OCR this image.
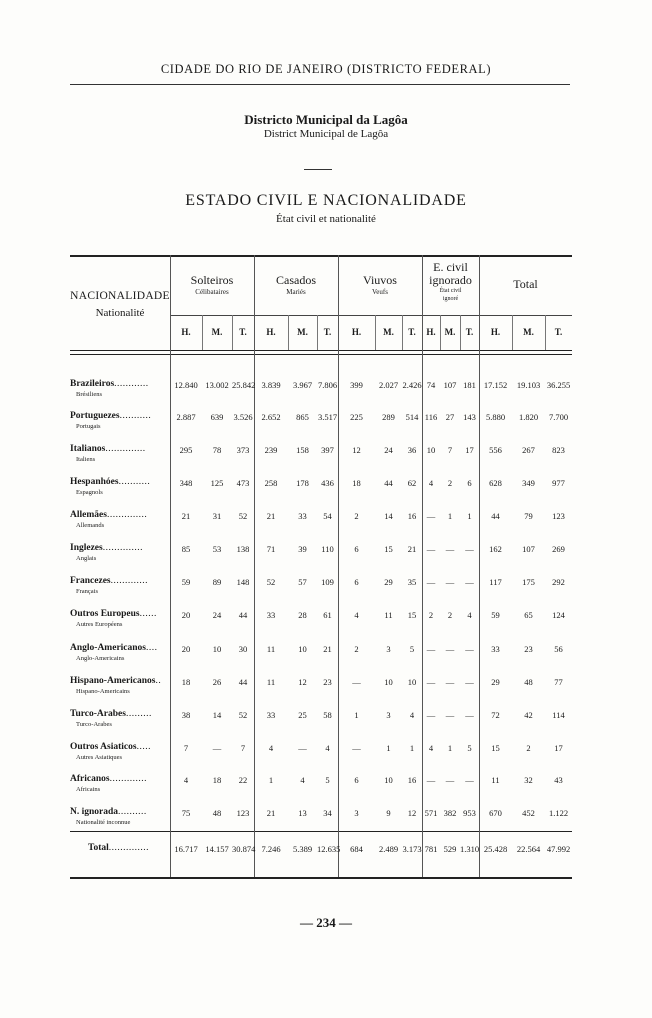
CIDADE DO RIO DE JANEIRO (DISTRICTO FEDERAL)
Districto Municipal da Lagôa
District Municipal de Lagôa
ESTADO CIVIL E NACIONALIDADE
État civil et nationalité
NACIONALIDADE
Nationalité
Solteiros
Célibataires
Casados
Mariés
Viuvos
Veufs
E. civil
ignorado
État civil
ignoré
Total
H.	M.	T.	H.	M.	T.	H.	M.	T.	H.	M.	T.	H.	M.	T.
Brazileiros............
Brésiliens
12.840 13.002 25.842 3.839	3.967 7.806	399	2.027 2.426 74 107 181 17.152	19.103 36.255
Portuguezes...........
Portugais
2.887	639	3.526	2.652	865	3.517	225	289	514 116	27	143	5.880	1.820	7.700
Italianos..............
Italiens
295	78	373	239	158	397	12	24	36	10	7	17	556	267	823
Hespanhóes...........
Espagnols
348	125	473	258	178	436	18	44	62	4	2	6	628	349	977
Allemães..............
Allemands
21	31	52	21	33	54	2	14	16	—	1	1	44	79	123
Inglezes..............
Anglais
85	53	138	71	39	110	6	15	21	—	—	—	162	107	269
Francezes.............
Français
59	89	148	52	57	109	6	29	35	—	—	—	117	175	292
Outros Europeus......
Autres Européens
20	24	44	33	28	61	4	11	15	2	2	4	59	65	124
Anglo-Americanos....
Anglo-Americains
20	10	30	11	10	21	2	3	5	—	—	—	33	23	56
Hispano-Americanos..
Hispano-Americains
18	26	44	11	12	23	—	10	10	—	—	—	29	48	77
Turco-Arabes.........
Turco-Arabes
38	14	52	33	25	58	1	3	4	—	—	—	72	42	114
Outros Asiaticos.....
Autres Asiatiques
7	—	7	4	—	4	—	1	1	4	1	5	15	2	17
Africanos.............
Africains
4	18	22	1	4	5	6	10	16	—	—	—	11	32	43
N. ignorada..........
Nationalité inconnue
75	48	123	21	13	34	3	9	12 571 382 953	670	452	1.122
Total..............	16.717 14.157 30.874 7.246	5.389 12.635	684	2.489 3.173 781 529 1.310 25.428	22.564 47.992
— 234 —
